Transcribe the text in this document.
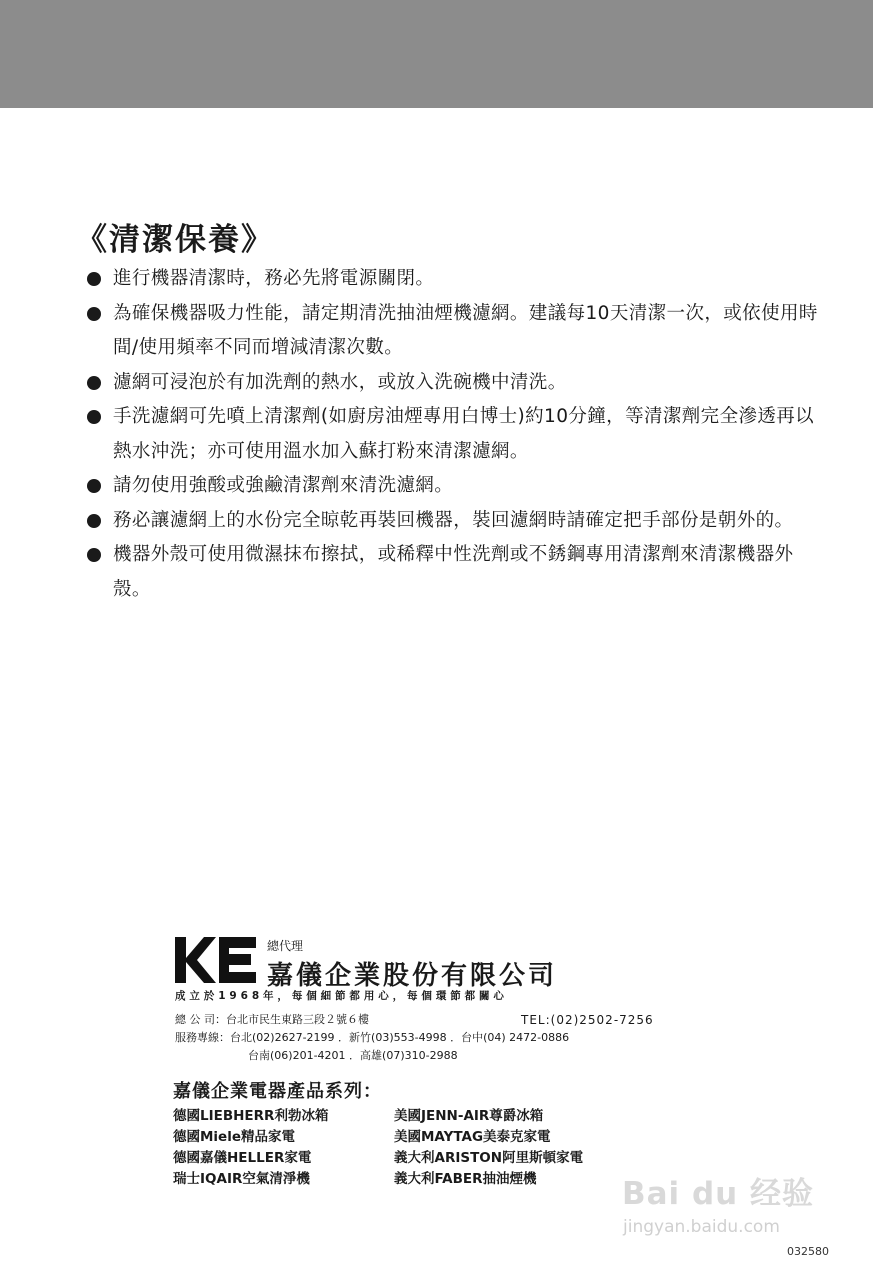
《清潔保養》
進行機器清潔時，務必先將電源關閉。
為確保機器吸力性能，請定期清洗抽油煙機濾網。建議每10天清潔一次，或依使用時間/使用頻率不同而增減清潔次數。
濾網可浸泡於有加洗劑的熱水，或放入洗碗機中清洗。
手洗濾網可先噴上清潔劑(如廚房油煙專用白博士)約10分鐘，等清潔劑完全滲透再以熱水沖洗；亦可使用溫水加入蘇打粉來清潔濾網。
請勿使用強酸或強鹼清潔劑來清洗濾網。
務必讓濾網上的水份完全晾乾再裝回機器，裝回濾網時請確定把手部份是朝外的。
機器外殼可使用微濕抹布擦拭，或稀釋中性洗劑或不銹鋼專用清潔劑來清潔機器外殼。
總代理
嘉儀企業股份有限公司
成立於1968年，每個細節都用心，每個環節都關心
總 公 司：台北市民生東路三段２號６樓	TEL:(02)2502-7256
服務專線：台北(02)2627-2199 ．新竹(03)553-4998 ．台中(04) 2472-0886
台南(06)201-4201 ．高雄(07)310-2988
嘉儀企業電器產品系列：
德國LIEBHERR利勃冰箱
德國Miele精品家電
德國嘉儀HELLER家電
瑞士IQAIR空氣清淨機
美國JENN-AIR尊爵冰箱
美國MAYTAG美泰克家電
義大利ARISTON阿里斯頓家電
義大利FABER抽油煙機	Bai du 经验
jingyan.baidu.com
032580
